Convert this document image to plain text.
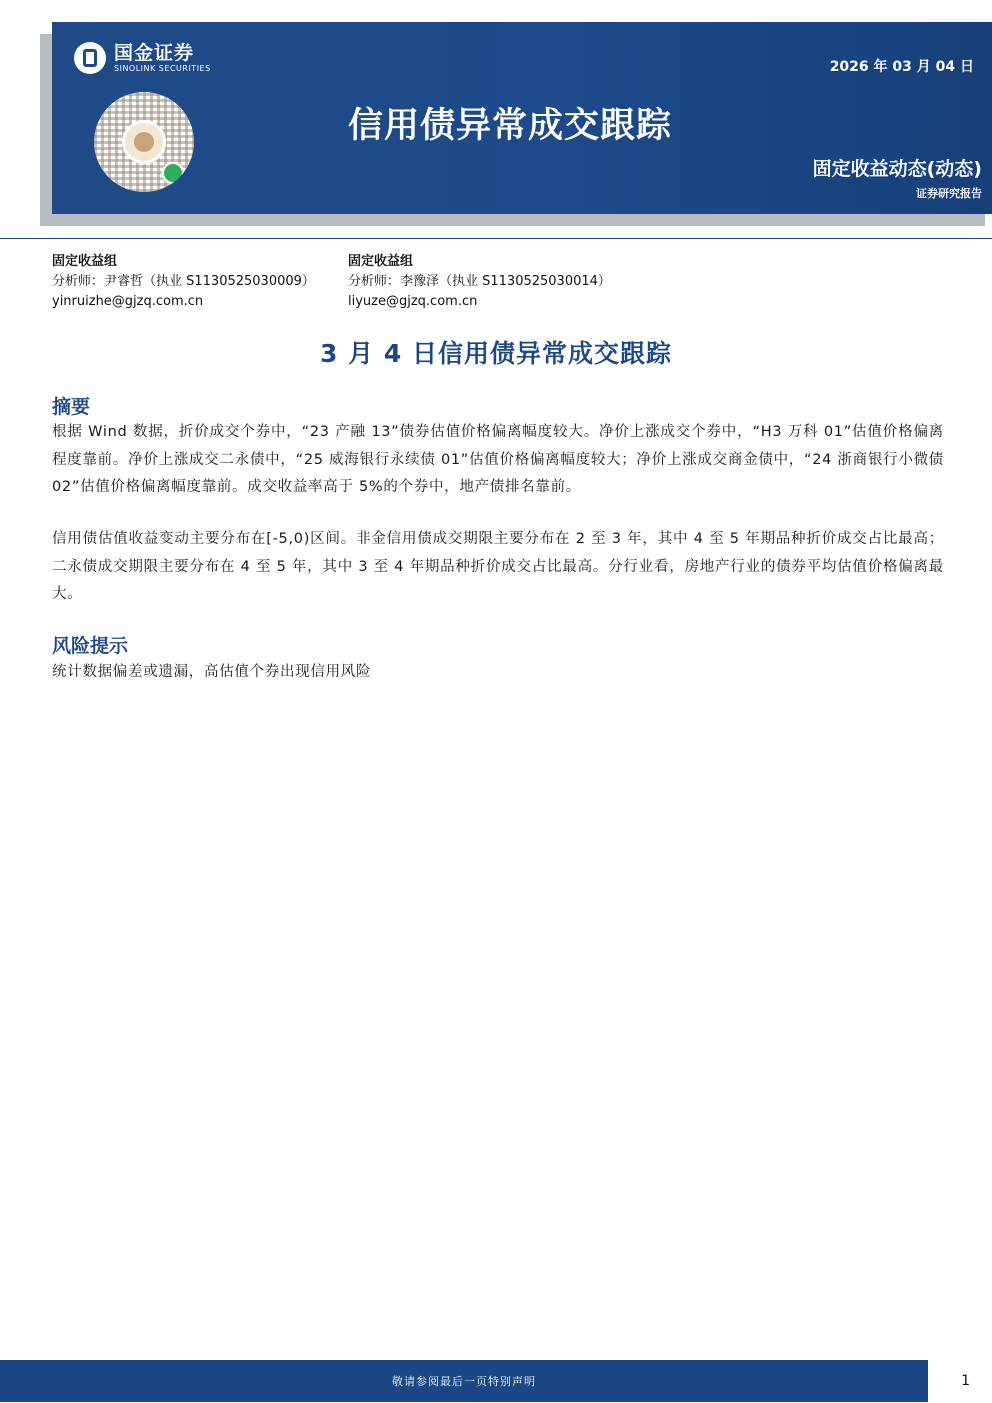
国金证券
SINOLINK SECURITIES	2026 年 03 月 04 日
信用债异常成交跟踪
固定收益动态(动态)
证券研究报告
固定收益组
分析师：尹睿哲（执业 S1130525030009）
yinruizhe@gjzq.com.cn
固定收益组
分析师：李豫泽（执业 S1130525030014）
liyuze@gjzq.com.cn
3 月 4 日信用债异常成交跟踪
摘要

根据 Wind 数据，折价成交个券中，“23 产融 13”债券估值价格偏离幅度较大。净价上涨成交个券中，“H3 万科 01”估值价格偏离程度靠前。净价上涨成交二永债中，“25 威海银行永续债 01”估值价格偏离幅度较大；净价上涨成交商金债中，“24 浙商银行小微债 02”估值价格偏离幅度靠前。成交收益率高于 5%的个券中，地产债排名靠前。

信用债估值收益变动主要分布在[-5,0)区间。非金信用债成交期限主要分布在 2 至 3 年，其中 4 至 5 年期品种折价成交占比最高；二永债成交期限主要分布在 4 至 5 年，其中 3 至 4 年期品种折价成交占比最高。分行业看，房地产行业的债券平均估值价格偏离最大。

风险提示

统计数据偏差或遗漏，高估值个券出现信用风险

敬请参阅最后一页特别声明	1
